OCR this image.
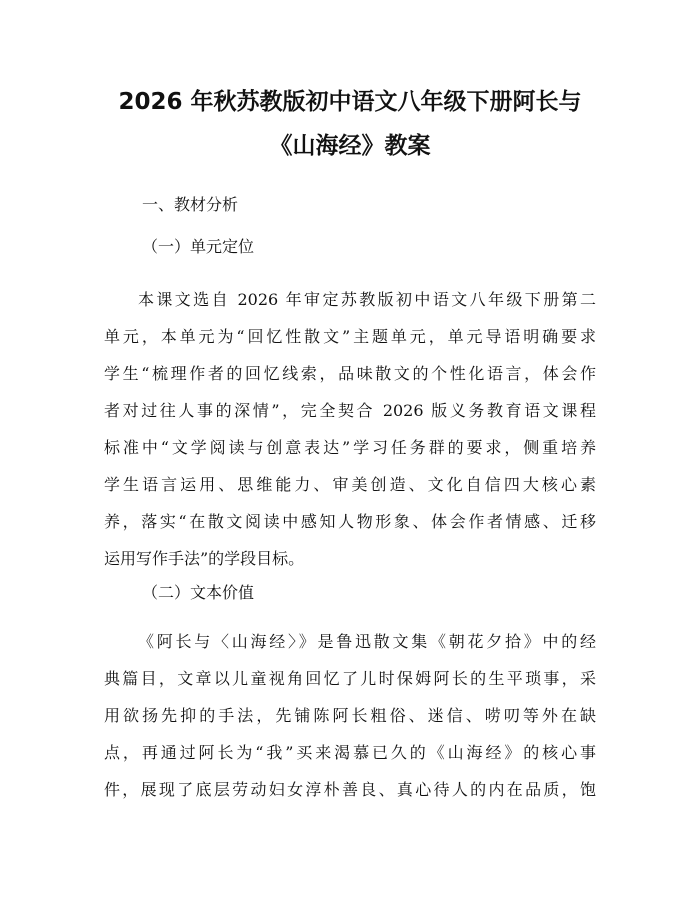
2026 年秋苏教版初中语文八年级下册阿长与
《山海经》教案

一、教材分析

（一）单元定位

本课文选自 2026 年审定苏教版初中语文八年级下册第二
单元，本单元为“回忆性散文”主题单元，单元导语明确要求
学生“梳理作者的回忆线索，品味散文的个性化语言，体会作
者对过往人事的深情”，完全契合 2026 版义务教育语文课程
标准中“文学阅读与创意表达”学习任务群的要求，侧重培养
学生语言运用、思维能力、审美创造、文化自信四大核心素
养，落实“在散文阅读中感知人物形象、体会作者情感、迁移
运用写作手法”的学段目标。

（二）文本价值

《阿长与〈山海经〉》是鲁迅散文集《朝花夕拾》中的经
典篇目，文章以儿童视角回忆了儿时保姆阿长的生平琐事，采
用欲扬先抑的手法，先铺陈阿长粗俗、迷信、唠叨等外在缺
点，再通过阿长为“我”买来渴慕已久的《山海经》的核心事
件，展现了底层劳动妇女淳朴善良、真心待人的内在品质，饱
